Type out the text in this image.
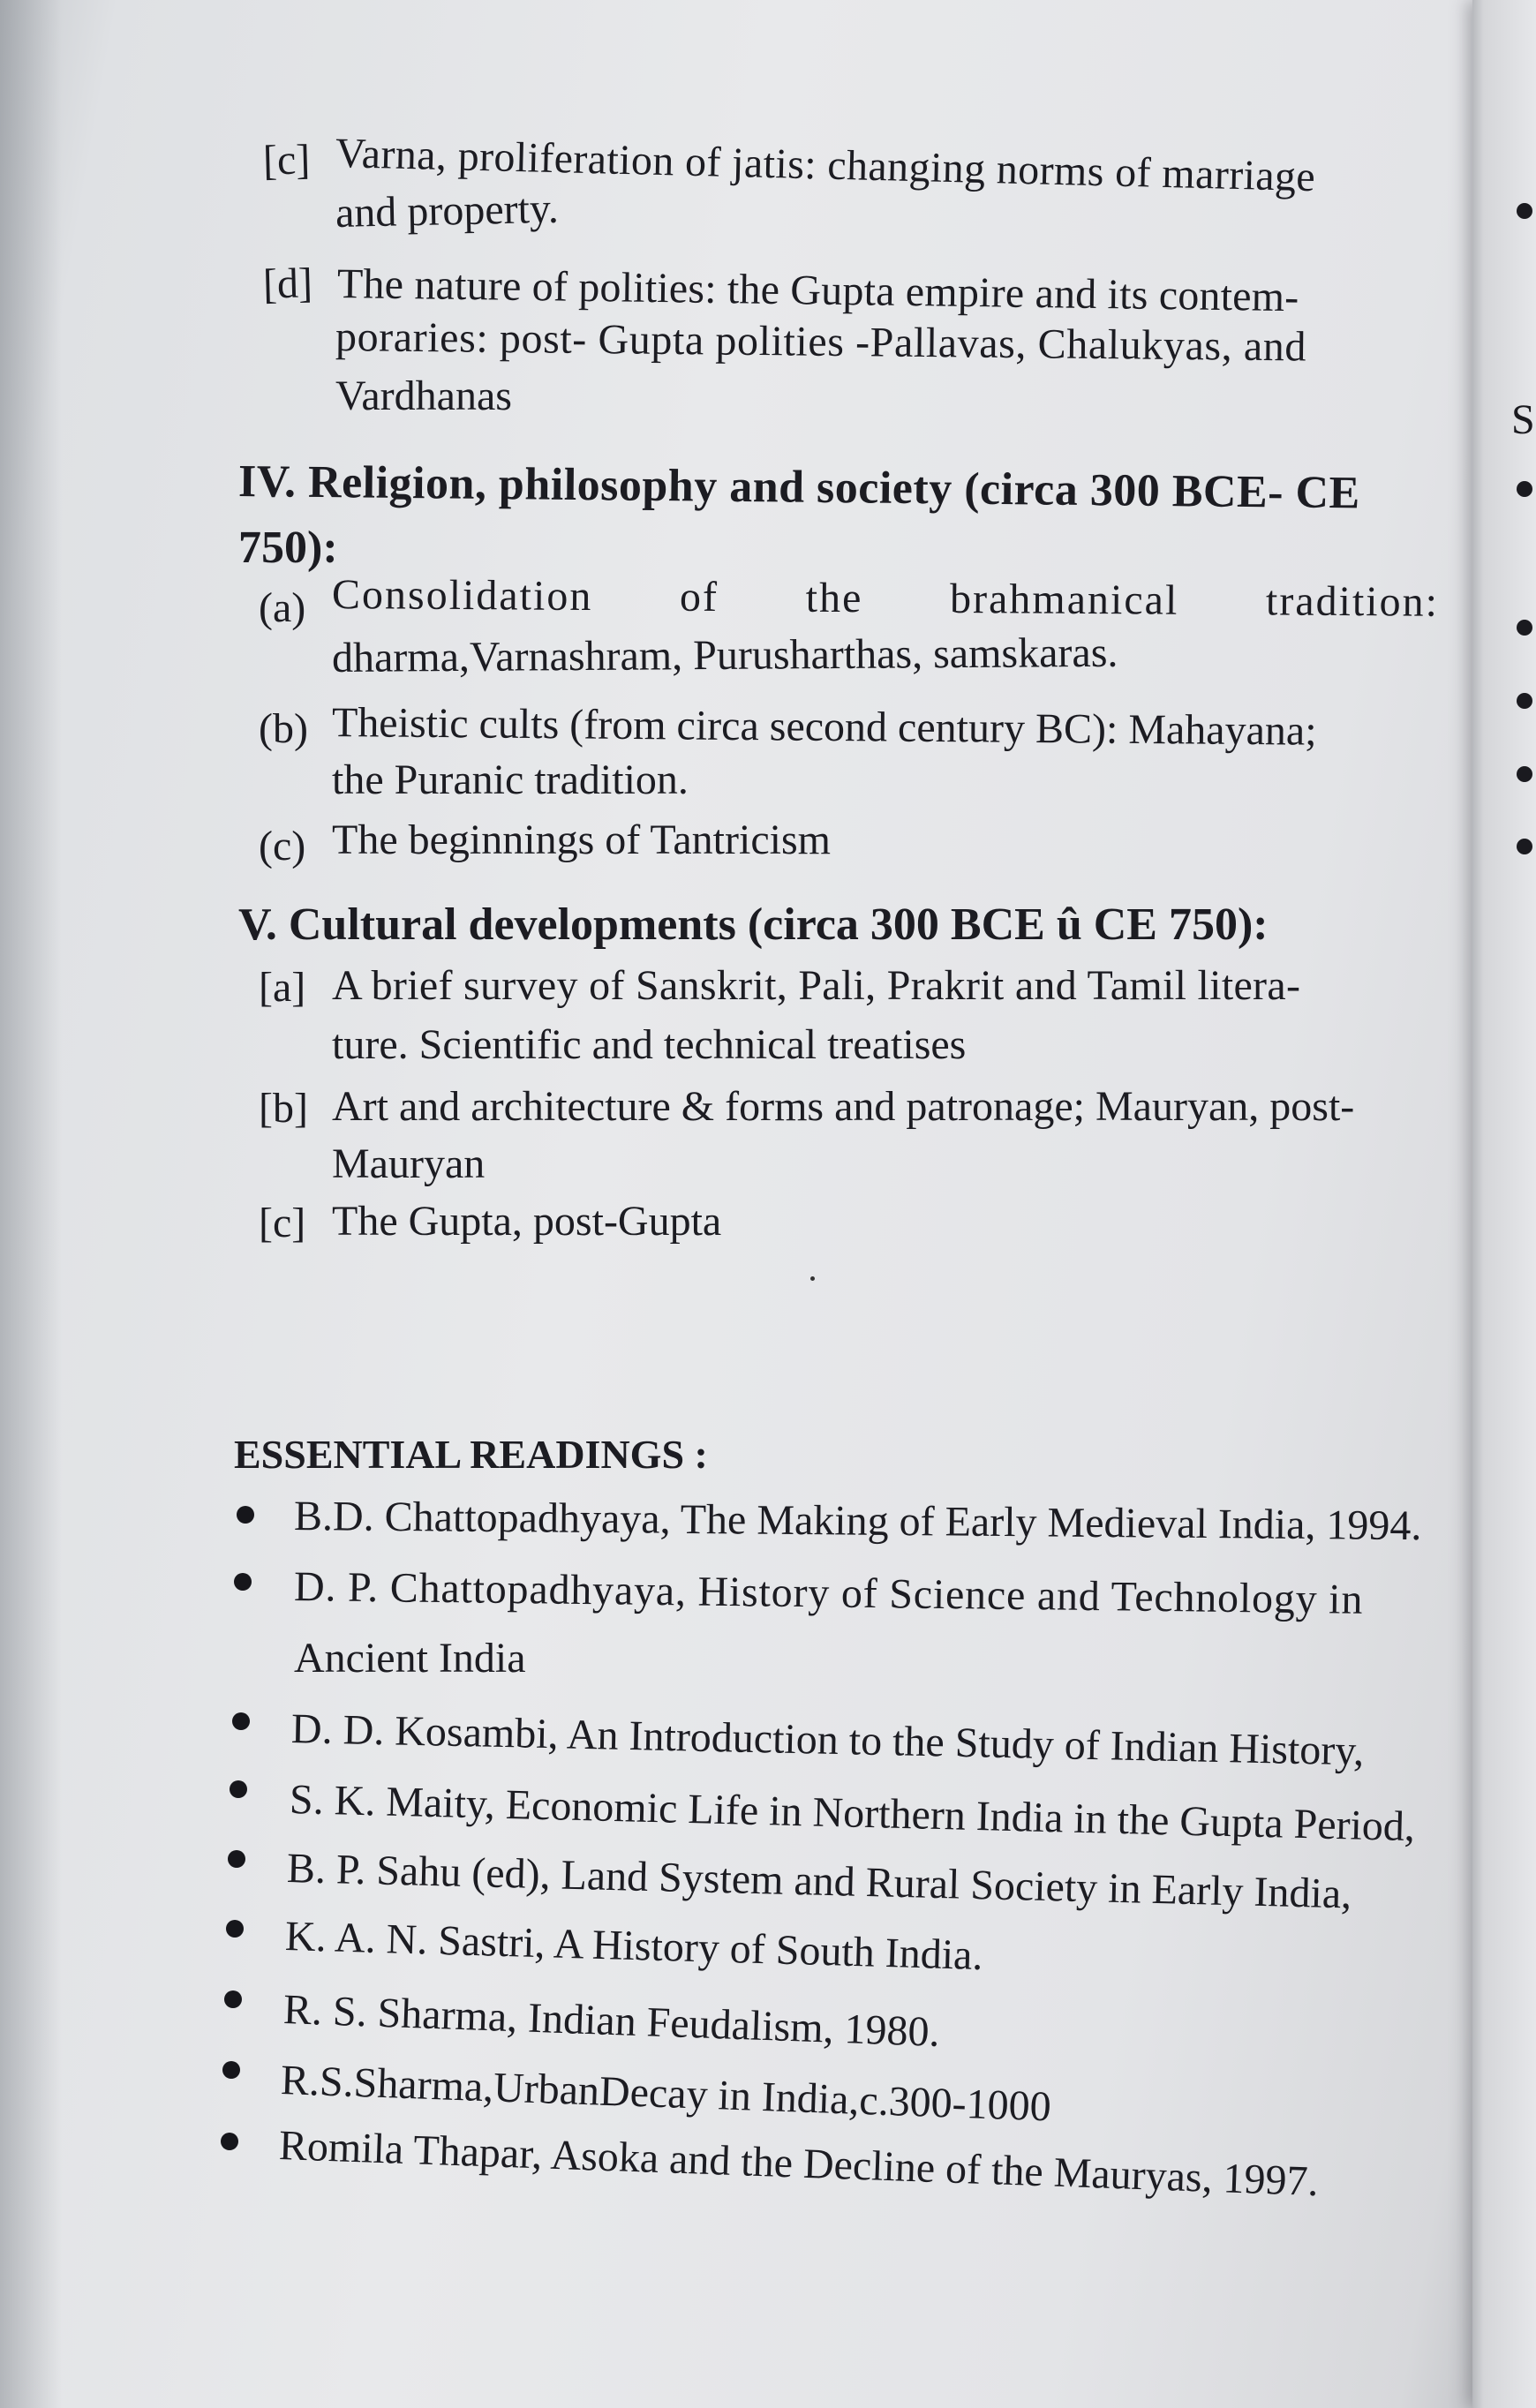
[c] Varna, proliferation of jatis: changing norms of marriage
and property.
[d] The nature of polities: the Gupta empire and its contem-
poraries: post- Gupta polities -Pallavas, Chalukyas, and
Vardhanas
IV. Religion, philosophy and society (circa 300 BCE- CE
750):
(a) Consolidation of the brahmanical tradition:
dharma,Varnashram, Purusharthas, samskaras.
(b) Theistic cults (from circa second century BC): Mahayana;
the Puranic tradition.
(c) The beginnings of Tantricism
V. Cultural developments (circa 300 BCE û CE 750):
[a] A brief survey of Sanskrit, Pali, Prakrit and Tamil litera-
ture. Scientific and technical treatises
[b] Art and architecture & forms and patronage; Mauryan, post-
Mauryan
[c] The Gupta, post-Gupta
ESSENTIAL READINGS :
B.D. Chattopadhyaya, The Making of Early Medieval India, 1994.
D. P. Chattopadhyaya, History of Science and Technology in
Ancient India
D. D. Kosambi, An Introduction to the Study of Indian History,
S. K. Maity, Economic Life in Northern India in the Gupta Period,
B. P. Sahu (ed), Land System and Rural Society in Early India,
K. A. N. Sastri, A History of South India.
R. S. Sharma, Indian Feudalism, 1980.
R.S.Sharma,UrbanDecay in India,c.300-1000
Romila Thapar, Asoka and the Decline of the Mauryas, 1997.
S
